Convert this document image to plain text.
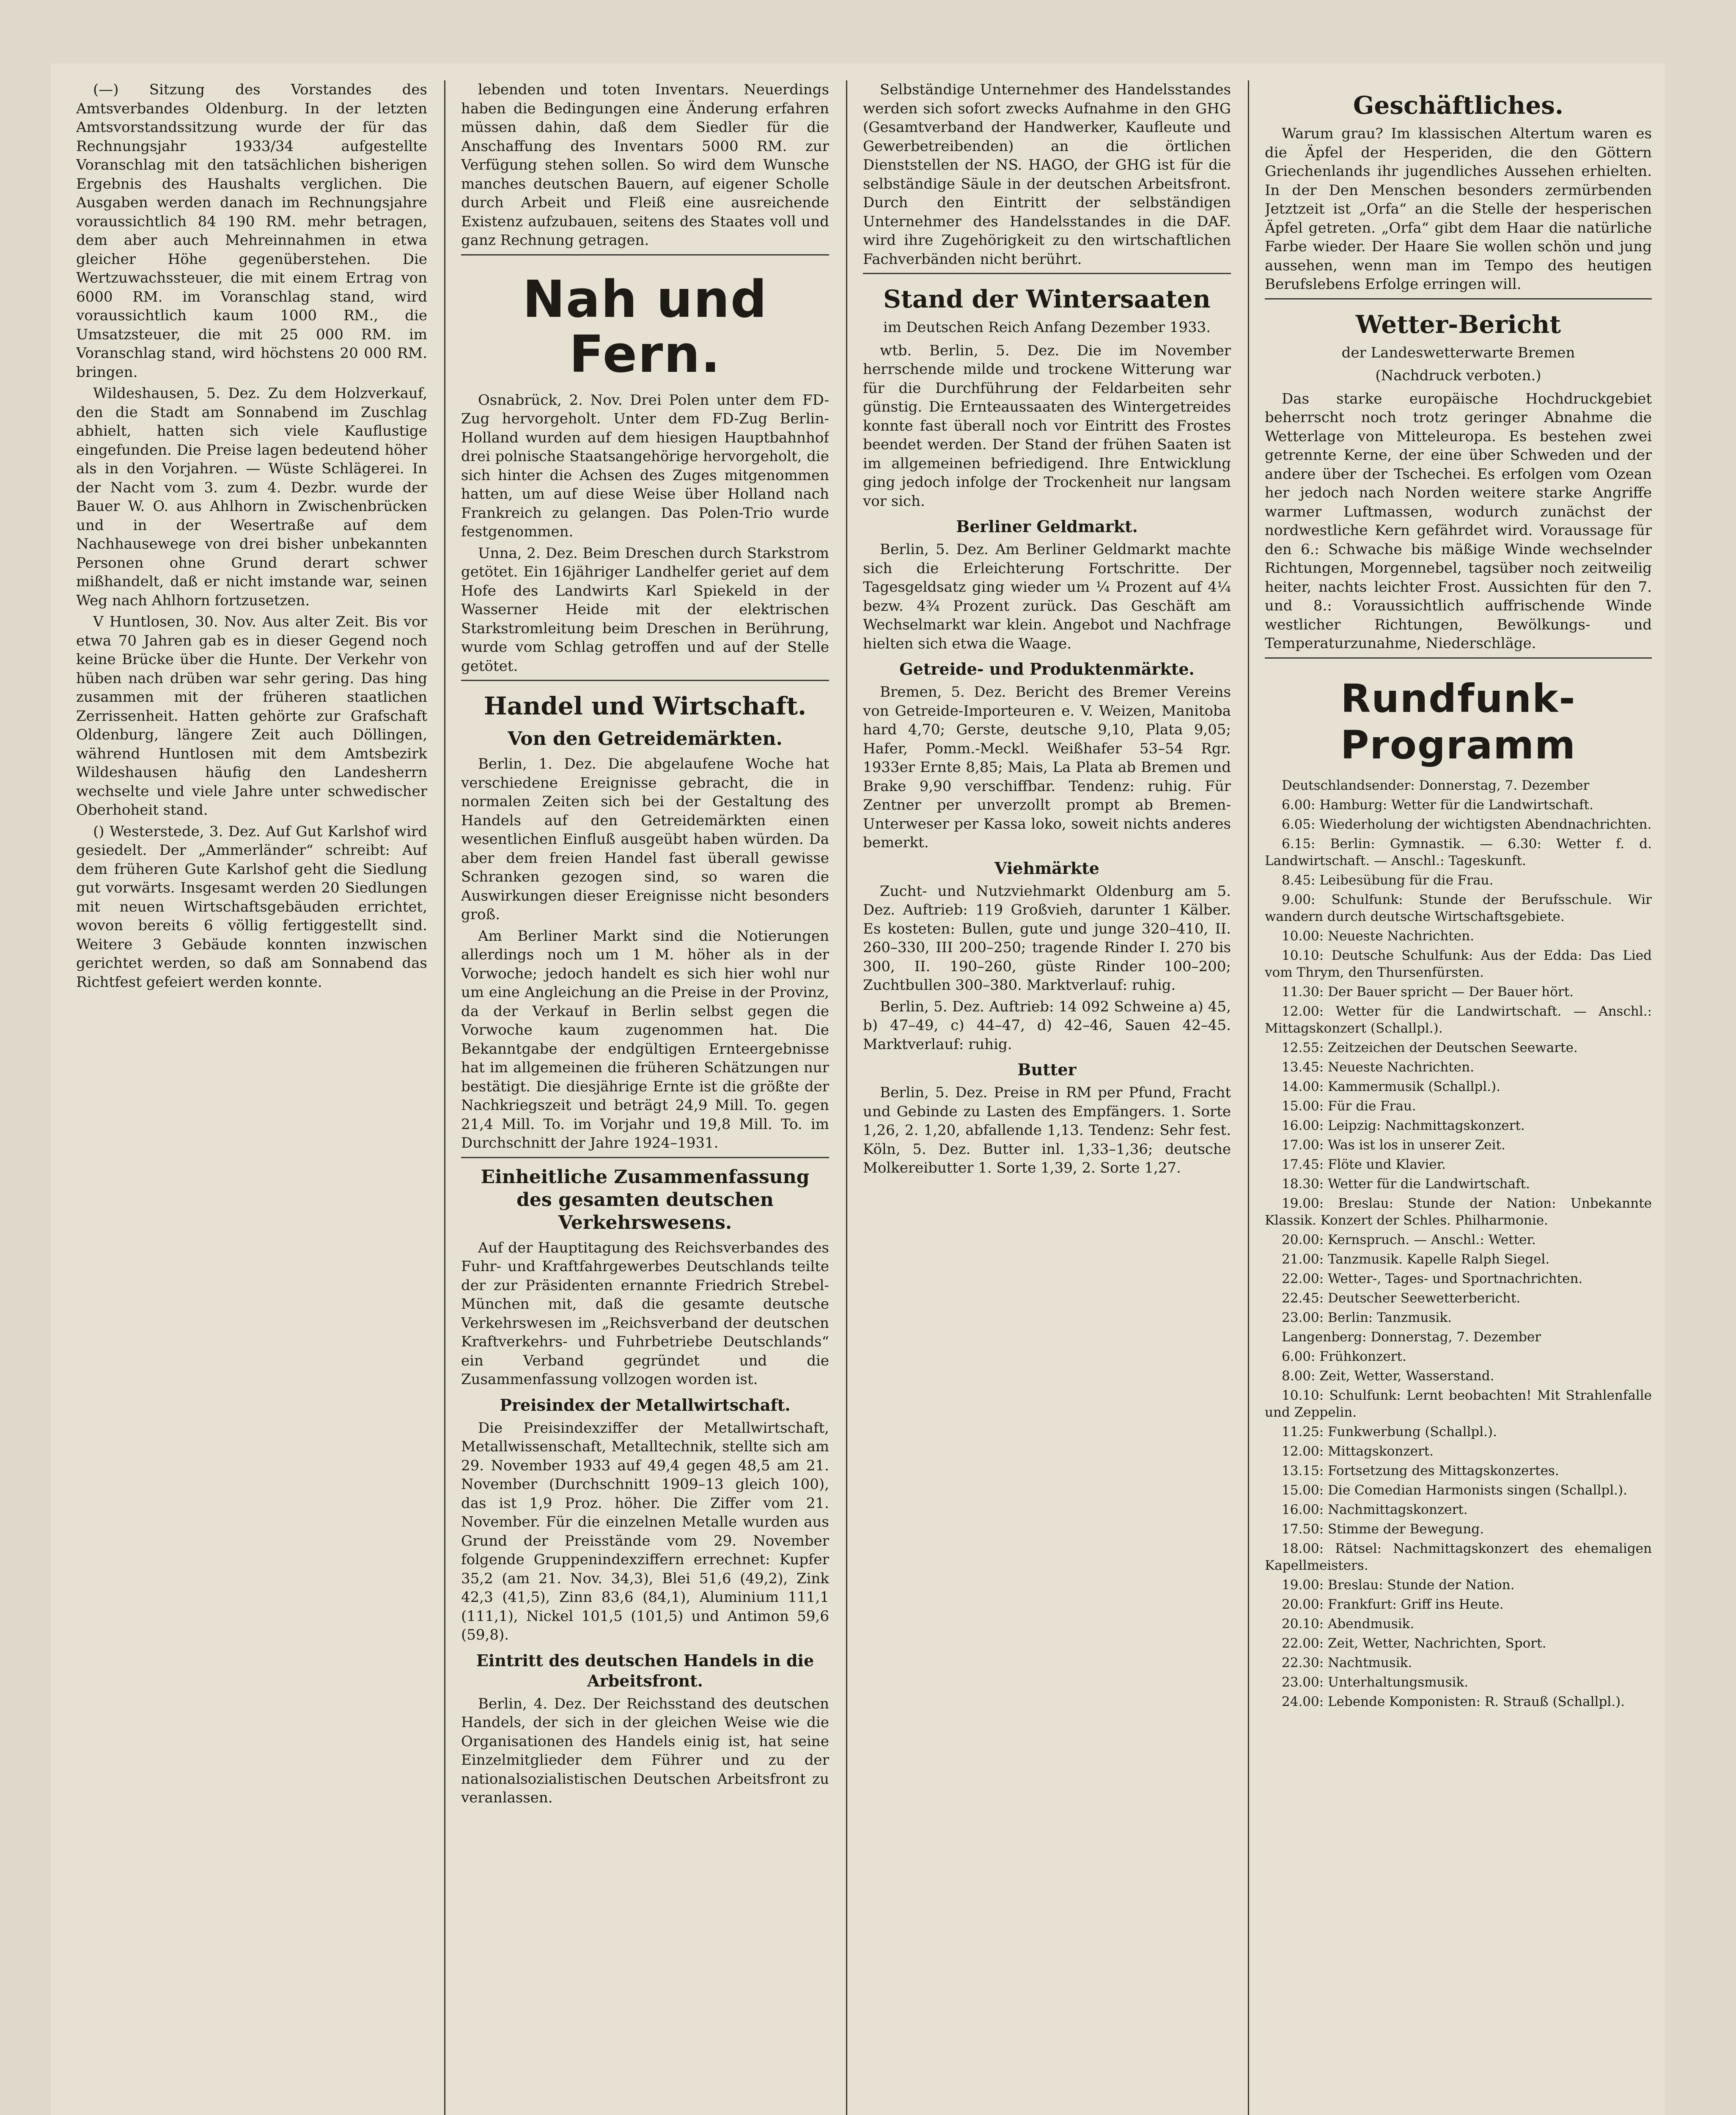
(—) Sitzung des Vorstandes des Amtsverbandes Oldenburg. In der letzten Amtsvorstandssitzung wurde der für das Rechnungsjahr 1933/34 aufgestellte Voranschlag mit den tatsächlichen bisherigen Ergebnis des Haushalts verglichen. Die Ausgaben werden danach im Rechnungsjahre voraussichtlich 84 190 RM. mehr betragen, dem aber auch Mehreinnahmen in etwa gleicher Höhe gegenüberstehen. Die Wertzuwachssteuer, die mit einem Ertrag von 6000 RM. im Voranschlag stand, wird voraussichtlich kaum 1000 RM., die Umsatzsteuer, die mit 25 000 RM. im Voranschlag stand, wird höchstens 20 000 RM. bringen.

Wildeshausen, 5. Dez. Zu dem Holzverkauf, den die Stadt am Sonnabend im Zuschlag abhielt, hatten sich viele Kauflustige eingefunden. Die Preise lagen bedeutend höher als in den Vorjahren. — Wüste Schlägerei. In der Nacht vom 3. zum 4. Dezbr. wurde der Bauer W. O. aus Ahlhorn in Zwischenbrücken und in der Wesertraße auf dem Nachhausewege von drei bisher unbekannten Personen ohne Grund derart schwer mißhandelt, daß er nicht imstande war, seinen Weg nach Ahlhorn fortzusetzen.

V Huntlosen, 30. Nov. Aus alter Zeit. Bis vor etwa 70 Jahren gab es in dieser Gegend noch keine Brücke über die Hunte. Der Verkehr von hüben nach drüben war sehr gering. Das hing zusammen mit der früheren staatlichen Zerrissenheit. Hatten gehörte zur Grafschaft Oldenburg, längere Zeit auch Döllingen, während Huntlosen mit dem Amtsbezirk Wildeshausen häufig den Landesherrn wechselte und viele Jahre unter schwedischer Oberhoheit stand.

() Westerstede, 3. Dez. Auf Gut Karlshof wird gesiedelt. Der „Ammerländer“ schreibt: Auf dem früheren Gute Karlshof geht die Siedlung gut vorwärts. Insgesamt werden 20 Siedlungen mit neuen Wirtschaftsgebäuden errichtet, wovon bereits 6 völlig fertiggestellt sind. Weitere 3 Gebäude konnten inzwischen gerichtet werden, so daß am Sonnabend das Richtfest gefeiert werden konnte.

lebenden und toten Inventars. Neuerdings haben die Bedingungen eine Änderung erfahren müssen dahin, daß dem Siedler für die Anschaffung des Inventars 5000 RM. zur Verfügung stehen sollen. So wird dem Wunsche manches deutschen Bauern, auf eigener Scholle durch Arbeit und Fleiß eine ausreichende Existenz aufzubauen, seitens des Staates voll und ganz Rechnung getragen.

Nah und Fern.

Osnabrück, 2. Nov. Drei Polen unter dem FD-Zug hervorgeholt. Unter dem FD-Zug Berlin-Holland wurden auf dem hiesigen Hauptbahnhof drei polnische Staatsangehörige hervorgeholt, die sich hinter die Achsen des Zuges mitgenommen hatten, um auf diese Weise über Holland nach Frankreich zu gelangen. Das Polen-Trio wurde festgenommen.

Unna, 2. Dez. Beim Dreschen durch Starkstrom getötet. Ein 16jähriger Landhelfer geriet auf dem Hofe des Landwirts Karl Spiekeld in der Wasserner Heide mit der elektrischen Starkstromleitung beim Dreschen in Berührung, wurde vom Schlag getroffen und auf der Stelle getötet.

Handel und Wirtschaft.
Von den Getreidemärkten.

Berlin, 1. Dez. Die abgelaufene Woche hat verschiedene Ereignisse gebracht, die in normalen Zeiten sich bei der Gestaltung des Handels auf den Getreidemärkten einen wesentlichen Einfluß ausgeübt haben würden. Da aber dem freien Handel fast überall gewisse Schranken gezogen sind, so waren die Auswirkungen dieser Ereignisse nicht besonders groß.

Am Berliner Markt sind die Notierungen allerdings noch um 1 M. höher als in der Vorwoche; jedoch handelt es sich hier wohl nur um eine Angleichung an die Preise in der Provinz, da der Verkauf in Berlin selbst gegen die Vorwoche kaum zugenommen hat. Die Bekanntgabe der endgültigen Ernteergebnisse hat im allgemeinen die früheren Schätzungen nur bestätigt. Die diesjährige Ernte ist die größte der Nachkriegszeit und beträgt 24,9 Mill. To. gegen 21,4 Mill. To. im Vorjahr und 19,8 Mill. To. im Durchschnitt der Jahre 1924–1931.

Einheitliche Zusammenfassung des gesamten deutschen Verkehrswesens.

Auf der Hauptitagung des Reichsverbandes des Fuhr- und Kraftfahrgewerbes Deutschlands teilte der zur Präsidenten ernannte Friedrich Strebel-München mit, daß die gesamte deutsche Verkehrswesen im „Reichsverband der deutschen Kraftverkehrs- und Fuhrbetriebe Deutschlands“ ein Verband gegründet und die Zusammenfassung vollzogen worden ist.

Preisindex der Metallwirtschaft.

Die Preisindexziffer der Metallwirtschaft, Metallwissenschaft, Metalltechnik, stellte sich am 29. November 1933 auf 49,4 gegen 48,5 am 21. November (Durchschnitt 1909–13 gleich 100), das ist 1,9 Proz. höher. Die Ziffer vom 21. November. Für die einzelnen Metalle wurden aus Grund der Preisstände vom 29. November folgende Gruppenindexziffern errechnet: Kupfer 35,2 (am 21. Nov. 34,3), Blei 51,6 (49,2), Zink 42,3 (41,5), Zinn 83,6 (84,1), Aluminium 111,1 (111,1), Nickel 101,5 (101,5) und Antimon 59,6 (59,8).

Eintritt des deutschen Handels in die Arbeitsfront.

Berlin, 4. Dez. Der Reichsstand des deutschen Handels, der sich in der gleichen Weise wie die Organisationen des Handels einig ist, hat seine Einzelmitglieder dem Führer und zu der nationalsozialistischen Deutschen Arbeitsfront zu veranlassen.

Selbständige Unternehmer des Handelsstandes werden sich sofort zwecks Aufnahme in den GHG (Gesamtverband der Handwerker, Kaufleute und Gewerbetreibenden) an die örtlichen Dienststellen der NS. HAGO, der GHG ist für die selbständige Säule in der deutschen Arbeitsfront. Durch den Eintritt der selbständigen Unternehmer des Handelsstandes in die DAF. wird ihre Zugehörigkeit zu den wirtschaftlichen Fachverbänden nicht berührt.

Stand der Wintersaaten
im Deutschen Reich Anfang Dezember 1933.

wtb. Berlin, 5. Dez. Die im November herrschende milde und trockene Witterung war für die Durchführung der Feldarbeiten sehr günstig. Die Ernteaussaaten des Wintergetreides konnte fast überall noch vor Eintritt des Frostes beendet werden. Der Stand der frühen Saaten ist im allgemeinen befriedigend. Ihre Entwicklung ging jedoch infolge der Trockenheit nur langsam vor sich.

Berliner Geldmarkt.

Berlin, 5. Dez. Am Berliner Geldmarkt machte sich die Erleichterung Fortschritte. Der Tagesgeldsatz ging wieder um ¼ Prozent auf 4¼ bezw. 4¾ Prozent zurück. Das Geschäft am Wechselmarkt war klein. Angebot und Nachfrage hielten sich etwa die Waage.

Getreide- und Produktenmärkte.

Bremen, 5. Dez. Bericht des Bremer Vereins von Getreide-Importeuren e. V. Weizen, Manitoba hard 4,70; Gerste, deutsche 9,10, Plata 9,05; Hafer, Pomm.-Meckl. Weißhafer 53–54 Rgr. 1933er Ernte 8,85; Mais, La Plata ab Bremen und Brake 9,90 verschiffbar. Tendenz: ruhig. Für Zentner per unverzollt prompt ab Bremen-Unterweser per Kassa loko, soweit nichts anderes bemerkt.

Viehmärkte

Zucht- und Nutzviehmarkt Oldenburg am 5. Dez. Auftrieb: 119 Großvieh, darunter 1 Kälber. Es kosteten: Bullen, gute und junge 320–410, II. 260–330, III 200–250; tragende Rinder I. 270 bis 300, II. 190–260, güste Rinder 100–200; Zuchtbullen 300–380. Marktverlauf: ruhig.

Berlin, 5. Dez. Auftrieb: 14 092 Schweine a) 45, b) 47–49, c) 44–47, d) 42–46, Sauen 42–45. Marktverlauf: ruhig.

Butter

Berlin, 5. Dez. Preise in RM per Pfund, Fracht und Gebinde zu Lasten des Empfängers. 1. Sorte 1,26, 2. 1,20, abfallende 1,13. Tendenz: Sehr fest. Köln, 5. Dez. Butter inl. 1,33–1,36; deutsche Molkereibutter 1. Sorte 1,39, 2. Sorte 1,27.

Geschäftliches.

Warum grau? Im klassischen Altertum waren es die Äpfel der Hesperiden, die den Göttern Griechenlands ihr jugendliches Aussehen erhielten. In der Den Menschen besonders zermürbenden Jetztzeit ist „Orfa“ an die Stelle der hesperischen Äpfel getreten. „Orfa“ gibt dem Haar die natürliche Farbe wieder. Der Haare Sie wollen schön und jung aussehen, wenn man im Tempo des heutigen Berufslebens Erfolge erringen will.

Wetter-Bericht
der Landeswetterwarte Bremen
(Nachdruck verboten.)

Das starke europäische Hochdruckgebiet beherrscht noch trotz geringer Abnahme die Wetterlage von Mitteleuropa. Es bestehen zwei getrennte Kerne, der eine über Schweden und der andere über der Tschechei. Es erfolgen vom Ozean her jedoch nach Norden weitere starke Angriffe warmer Luftmassen, wodurch zunächst der nordwestliche Kern gefährdet wird. Voraussage für den 6.: Schwache bis mäßige Winde wechselnder Richtungen, Morgennebel, tagsüber noch zeitweilig heiter, nachts leichter Frost. Aussichten für den 7. und 8.: Voraussichtlich auffrischende Winde westlicher Richtungen, Bewölkungs- und Temperaturzunahme, Niederschläge.

Rundfunk-Programm

Deutschlandsender: Donnerstag, 7. Dezember

6.00: Hamburg: Wetter für die Landwirtschaft.

6.05: Wiederholung der wichtigsten Abendnachrichten.

6.15: Berlin: Gymnastik. — 6.30: Wetter f. d. Landwirtschaft. — Anschl.: Tageskunft.

8.45: Leibesübung für die Frau.

9.00: Schulfunk: Stunde der Berufsschule. Wir wandern durch deutsche Wirtschaftsgebiete.

10.00: Neueste Nachrichten.

10.10: Deutsche Schulfunk: Aus der Edda: Das Lied vom Thrym, den Thursenfürsten.

11.30: Der Bauer spricht — Der Bauer hört.

12.00: Wetter für die Landwirtschaft. — Anschl.: Mittagskonzert (Schallpl.).

12.55: Zeitzeichen der Deutschen Seewarte.

13.45: Neueste Nachrichten.

14.00: Kammermusik (Schallpl.).

15.00: Für die Frau.

16.00: Leipzig: Nachmittagskonzert.

17.00: Was ist los in unserer Zeit.

17.45: Flöte und Klavier.

18.30: Wetter für die Landwirtschaft.

19.00: Breslau: Stunde der Nation: Unbekannte Klassik. Konzert der Schles. Philharmonie.

20.00: Kernspruch. — Anschl.: Wetter.

21.00: Tanzmusik. Kapelle Ralph Siegel.

22.00: Wetter-, Tages- und Sportnachrichten.

22.45: Deutscher Seewetterbericht.

23.00: Berlin: Tanzmusik.

Langenberg: Donnerstag, 7. Dezember

6.00: Frühkonzert.

8.00: Zeit, Wetter, Wasserstand.

10.10: Schulfunk: Lernt beobachten! Mit Strahlenfalle und Zeppelin.

11.25: Funkwerbung (Schallpl.).

12.00: Mittagskonzert.

13.15: Fortsetzung des Mittagskonzertes.

15.00: Die Comedian Harmonists singen (Schallpl.).

16.00: Nachmittagskonzert.

17.50: Stimme der Bewegung.

18.00: Rätsel: Nachmittagskonzert des ehemaligen Kapellmeisters.

19.00: Breslau: Stunde der Nation.

20.00: Frankfurt: Griff ins Heute.

20.10: Abendmusik.

22.00: Zeit, Wetter, Nachrichten, Sport.

22.30: Nachtmusik.

23.00: Unterhaltungsmusik.

24.00: Lebende Komponisten: R. Strauß (Schallpl.).
